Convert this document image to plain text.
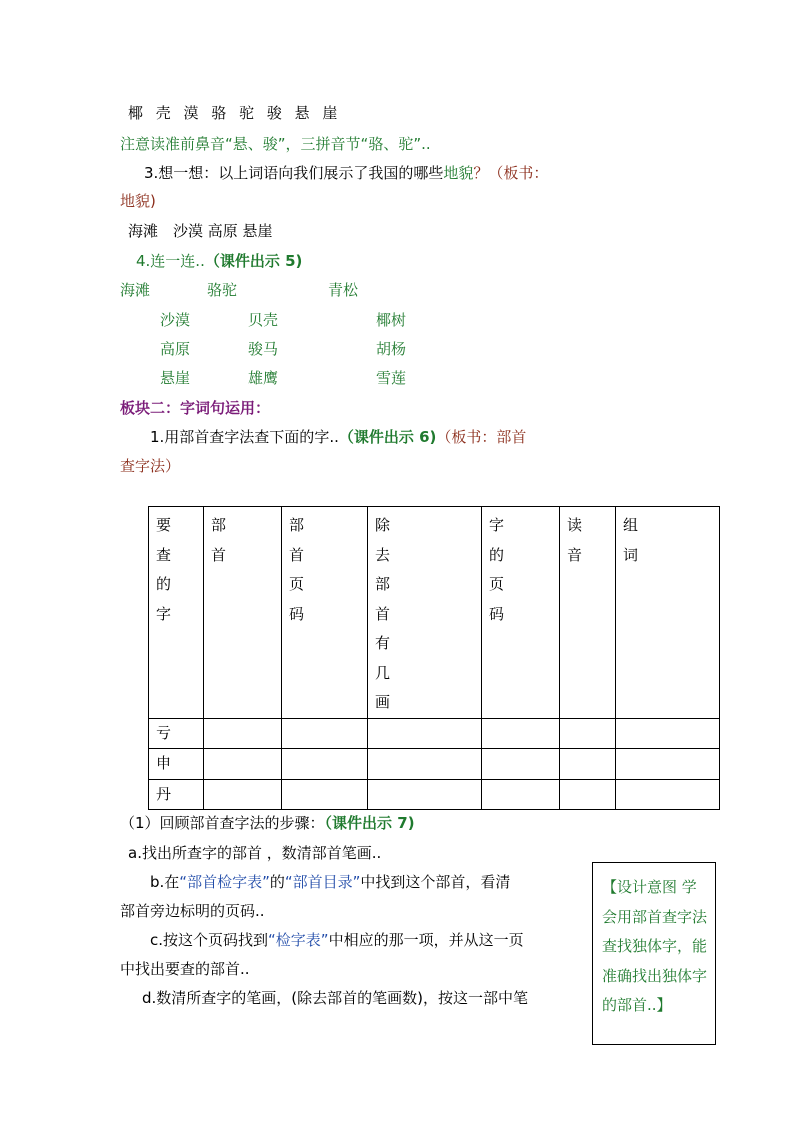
椰 壳 漠 骆 驼 骏 悬 崖
注意读准前鼻音“悬、骏”，三拼音节“骆、驼”..
3.想一想：以上词语向我们展示了我国的哪些地貌？（板书：
地貌)
海滩　沙漠 高原 悬崖
4.连一连..（课件出示 5)
海滩	骆驼	青松
沙漠	贝壳	椰树
高原	骏马	胡杨
悬崖	雄鹰	雪莲
板块二：字词句运用：
1.用部首查字法查下面的字..（课件出示 6)（板书：部首
查字法）
要查的字	部首	部首页码	除去部首有几画	字的页码	读音	组词

亏						
申						
丹						
（1）回顾部首查字法的步骤：（课件出示 7)
a.找出所查字的部首 ，数清部首笔画..
b.在“部首检字表”的“部首目录”中找到这个部首，看清
部首旁边标明的页码..
c.按这个页码找到“检字表”中相应的那一项，并从这一页
中找出要查的部首..
d.数清所查字的笔画，(除去部首的笔画数)，按这一部中笔
【设计意图 学会用部首查字法查找独体字，能准确找出独体字的部首..】
